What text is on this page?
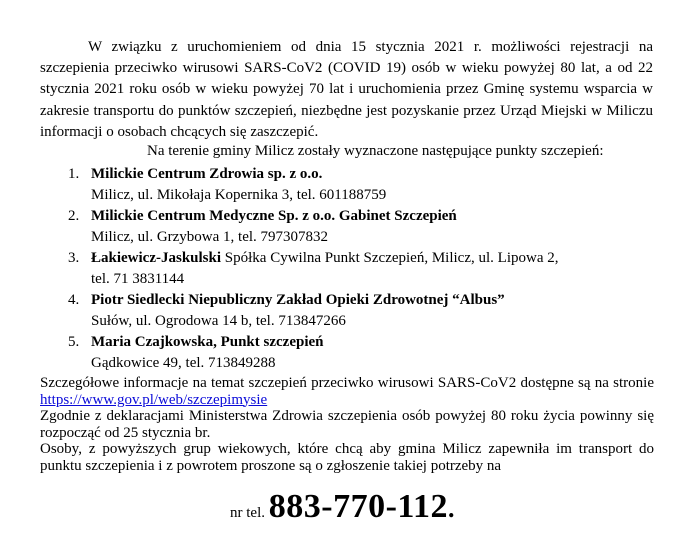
W związku z uruchomieniem od dnia 15 stycznia 2021 r. możliwości rejestracji na szczepienia przeciwko wirusowi SARS-CoV2 (COVID 19) osób w wieku powyżej 80 lat, a od 22 stycznia 2021 roku osób w wieku powyżej 70 lat i uruchomienia przez Gminę systemu wsparcia w zakresie transportu do punktów szczepień, niezbędne jest pozyskanie przez Urząd Miejski w Miliczu informacji o osobach chcących się zaszczepić.

Na terenie gminy Milicz zostały wyznaczone następujące punkty szczepień:

1. Milickie Centrum Zdrowia sp. z o.o.
Milicz, ul. Mikołaja Kopernika 3, tel. 601188759
2. Milickie Centrum Medyczne Sp. z o.o. Gabinet Szczepień
Milicz, ul. Grzybowa 1, tel. 797307832
3. Łakiewicz-Jaskulski Spółka Cywilna Punkt Szczepień, Milicz, ul. Lipowa 2,
tel. 71 3831144
4. Piotr Siedlecki Niepubliczny Zakład Opieki Zdrowotnej “Albus”
Sułów, ul. Ogrodowa 14 b, tel. 713847266
5. Maria Czajkowska, Punkt szczepień
Gądkowice 49, tel. 713849288

Szczegółowe informacje na temat szczepień przeciwko wirusowi SARS-CoV2 dostępne są na stronie https://www.gov.pl/web/szczepimysie

Zgodnie z deklaracjami Ministerstwa Zdrowia szczepienia osób powyżej 80 roku życia powinny się rozpocząć od 25 stycznia br.

Osoby, z powyższych grup wiekowych, które chcą aby gmina Milicz zapewniła im transport do punktu szczepienia i z powrotem proszone są o zgłoszenie takiej potrzeby na

nr tel. 883-770-112.
